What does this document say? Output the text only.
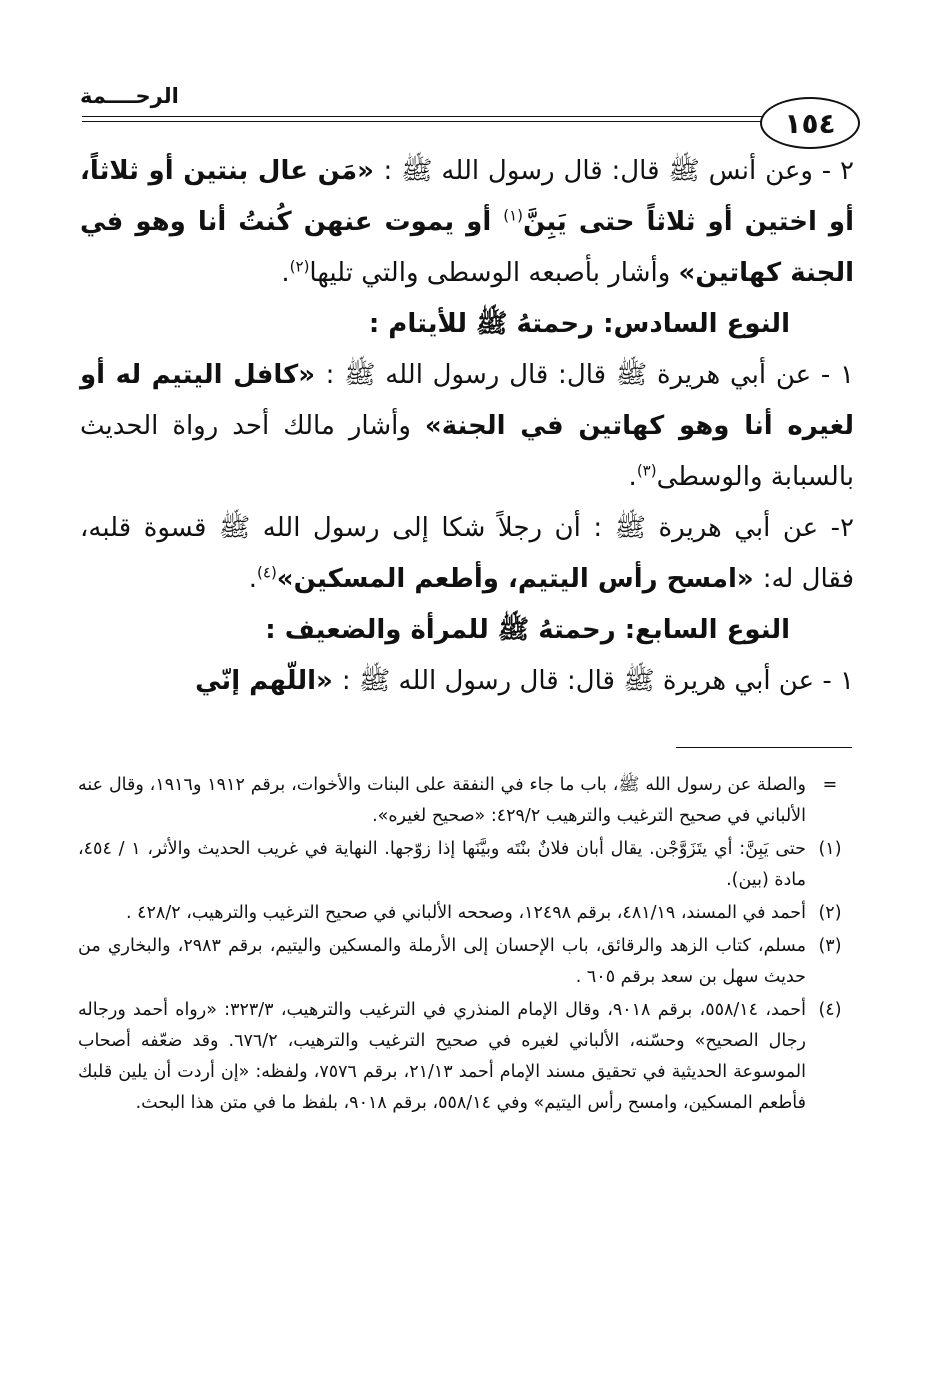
الرحــــمة
١٥٤

٢ - وعن أنس ﷺ قال: قال رسول الله ﷺ : «مَن عال بنتين أو ثلاثاً، أو اختين أو ثلاثاً حتى يَبِنَّ$^{(١)}$ أو يموت عنهن كُنتُ أنا وهو في الجنة كهاتين» وأشار بأصبعه الوسطى والتي تليها$^{(٢)}$.

النوع السادس: رحمتهُ ﷺ للأيتام :

١ - عن أبي هريرة ﷺ قال: قال رسول الله ﷺ : «كافل اليتيم له أو لغيره أنا وهو كهاتين في الجنة» وأشار مالك أحد رواة الحديث بالسبابة والوسطى$^{(٣)}$.

٢- عن أبي هريرة ﷺ : أن رجلاً شكا إلى رسول الله ﷺ قسوة قلبه، فقال له: «امسح رأس اليتيم، وأطعم المسكين»$^{(٤)}$.

النوع السابع: رحمتهُ ﷺ للمرأة والضعيف :

١ - عن أبي هريرة ﷺ قال: قال رسول الله ﷺ : «اللّهم إنّي

=
والصلة عن رسول الله ﷺ، باب ما جاء في النفقة على البنات والأخوات، برقم ١٩١٢ و١٩١٦، وقال عنه الألباني في صحيح الترغيب والترهيب ٤٢٩/٢: «صحيح لغيره».
(١)
حتى يَبِنَّ: أي يتَزَوَّجْن. يقال أبان فلانٌ بنْتَه وبيَّنَها إذا زوّجها. النهاية في غريب الحديث والأثر، ١ / ٤٥٤، مادة (بين).
(٢)
أحمد في المسند، ٤٨١/١٩، برقم ١٢٤٩٨، وصححه الألباني في صحيح الترغيب والترهيب، ٤٢٨/٢ .
(٣)
مسلم، كتاب الزهد والرقائق، باب الإحسان إلى الأرملة والمسكين واليتيم، برقم ٢٩٨٣، والبخاري من حديث سهل بن سعد برقم ٦٠٥ .
(٤)
أحمد، ٥٥٨/١٤، برقم ٩٠١٨، وقال الإمام المنذري في الترغيب والترهيب، ٣٢٣/٣: «رواه أحمد ورجاله رجال الصحيح» وحسّنه، الألباني لغيره في صحيح الترغيب والترهيب، ٦٧٦/٢. وقد ضعّفه أصحاب الموسوعة الحديثية في تحقيق مسند الإمام أحمد ٢١/١٣، برقم ٧٥٧٦، ولفظه: «إن أردت أن يلين قلبك فأطعم المسكين، وامسح رأس اليتيم» وفي ٥٥٨/١٤، برقم ٩٠١٨، بلفظ ما في متن هذا البحث.
